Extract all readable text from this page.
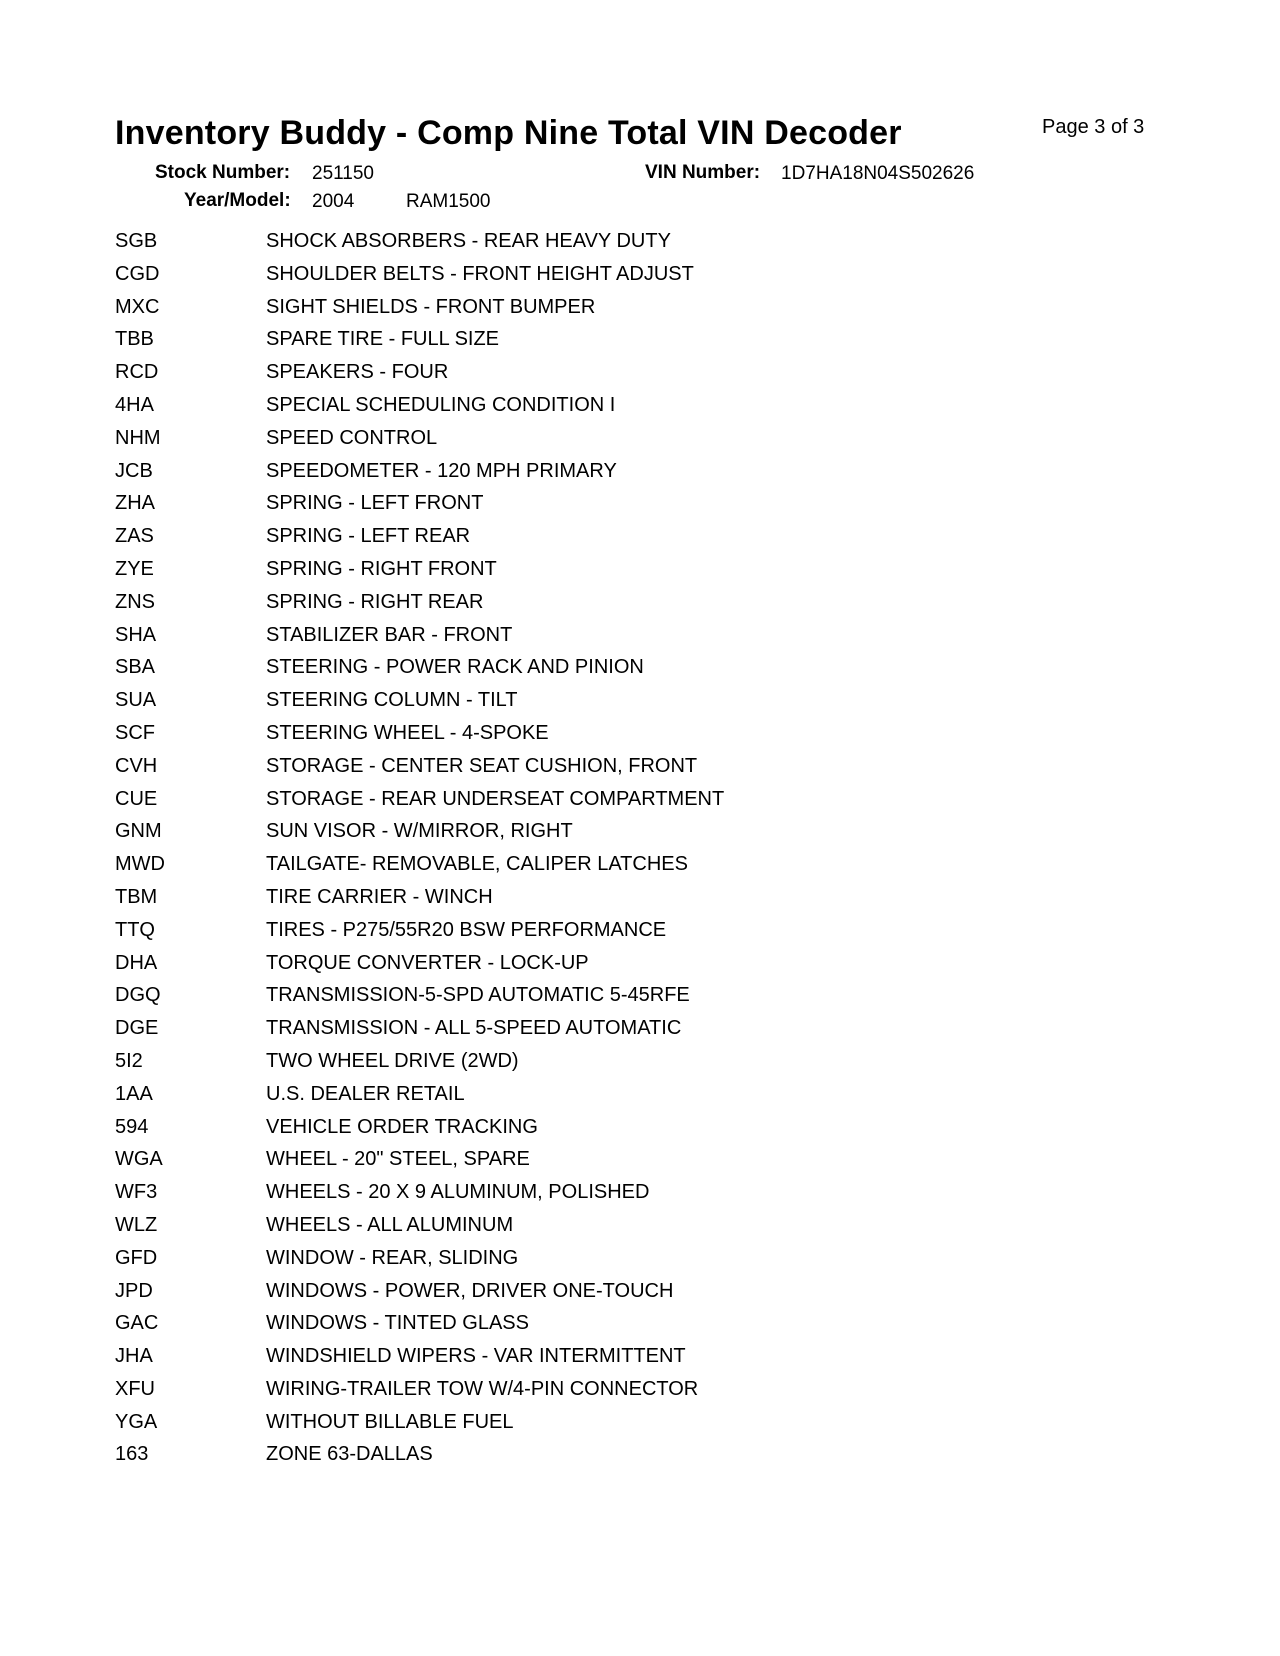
Inventory Buddy - Comp Nine Total VIN Decoder	Page 3 of 3
Stock Number: 251150	VIN Number: 1D7HA18N04S502626
Year/Model: 2004	RAM1500
SGB	SHOCK ABSORBERS - REAR HEAVY DUTY
CGD	SHOULDER BELTS - FRONT HEIGHT ADJUST
MXC	SIGHT SHIELDS - FRONT BUMPER
TBB	SPARE TIRE - FULL SIZE
RCD	SPEAKERS - FOUR
4HA	SPECIAL SCHEDULING CONDITION I
NHM	SPEED CONTROL
JCB	SPEEDOMETER - 120 MPH PRIMARY
ZHA	SPRING - LEFT FRONT
ZAS	SPRING - LEFT REAR
ZYE	SPRING - RIGHT FRONT
ZNS	SPRING - RIGHT REAR
SHA	STABILIZER BAR - FRONT
SBA	STEERING - POWER RACK AND PINION
SUA	STEERING COLUMN - TILT
SCF	STEERING WHEEL - 4-SPOKE
CVH	STORAGE - CENTER SEAT CUSHION, FRONT
CUE	STORAGE - REAR UNDERSEAT COMPARTMENT
GNM	SUN VISOR - W/MIRROR, RIGHT
MWD	TAILGATE- REMOVABLE, CALIPER LATCHES
TBM	TIRE CARRIER - WINCH
TTQ	TIRES - P275/55R20 BSW PERFORMANCE
DHA	TORQUE CONVERTER - LOCK-UP
DGQ	TRANSMISSION-5-SPD AUTOMATIC 5-45RFE
DGE	TRANSMISSION - ALL 5-SPEED AUTOMATIC
5I2	TWO WHEEL DRIVE (2WD)
1AA	U.S. DEALER RETAIL
594	VEHICLE ORDER TRACKING
WGA	WHEEL - 20" STEEL, SPARE
WF3	WHEELS - 20 X 9 ALUMINUM, POLISHED
WLZ	WHEELS - ALL ALUMINUM
GFD	WINDOW - REAR, SLIDING
JPD	WINDOWS - POWER, DRIVER ONE-TOUCH
GAC	WINDOWS - TINTED GLASS
JHA	WINDSHIELD WIPERS - VAR INTERMITTENT
XFU	WIRING-TRAILER TOW W/4-PIN CONNECTOR
YGA	WITHOUT BILLABLE FUEL
163	ZONE 63-DALLAS
